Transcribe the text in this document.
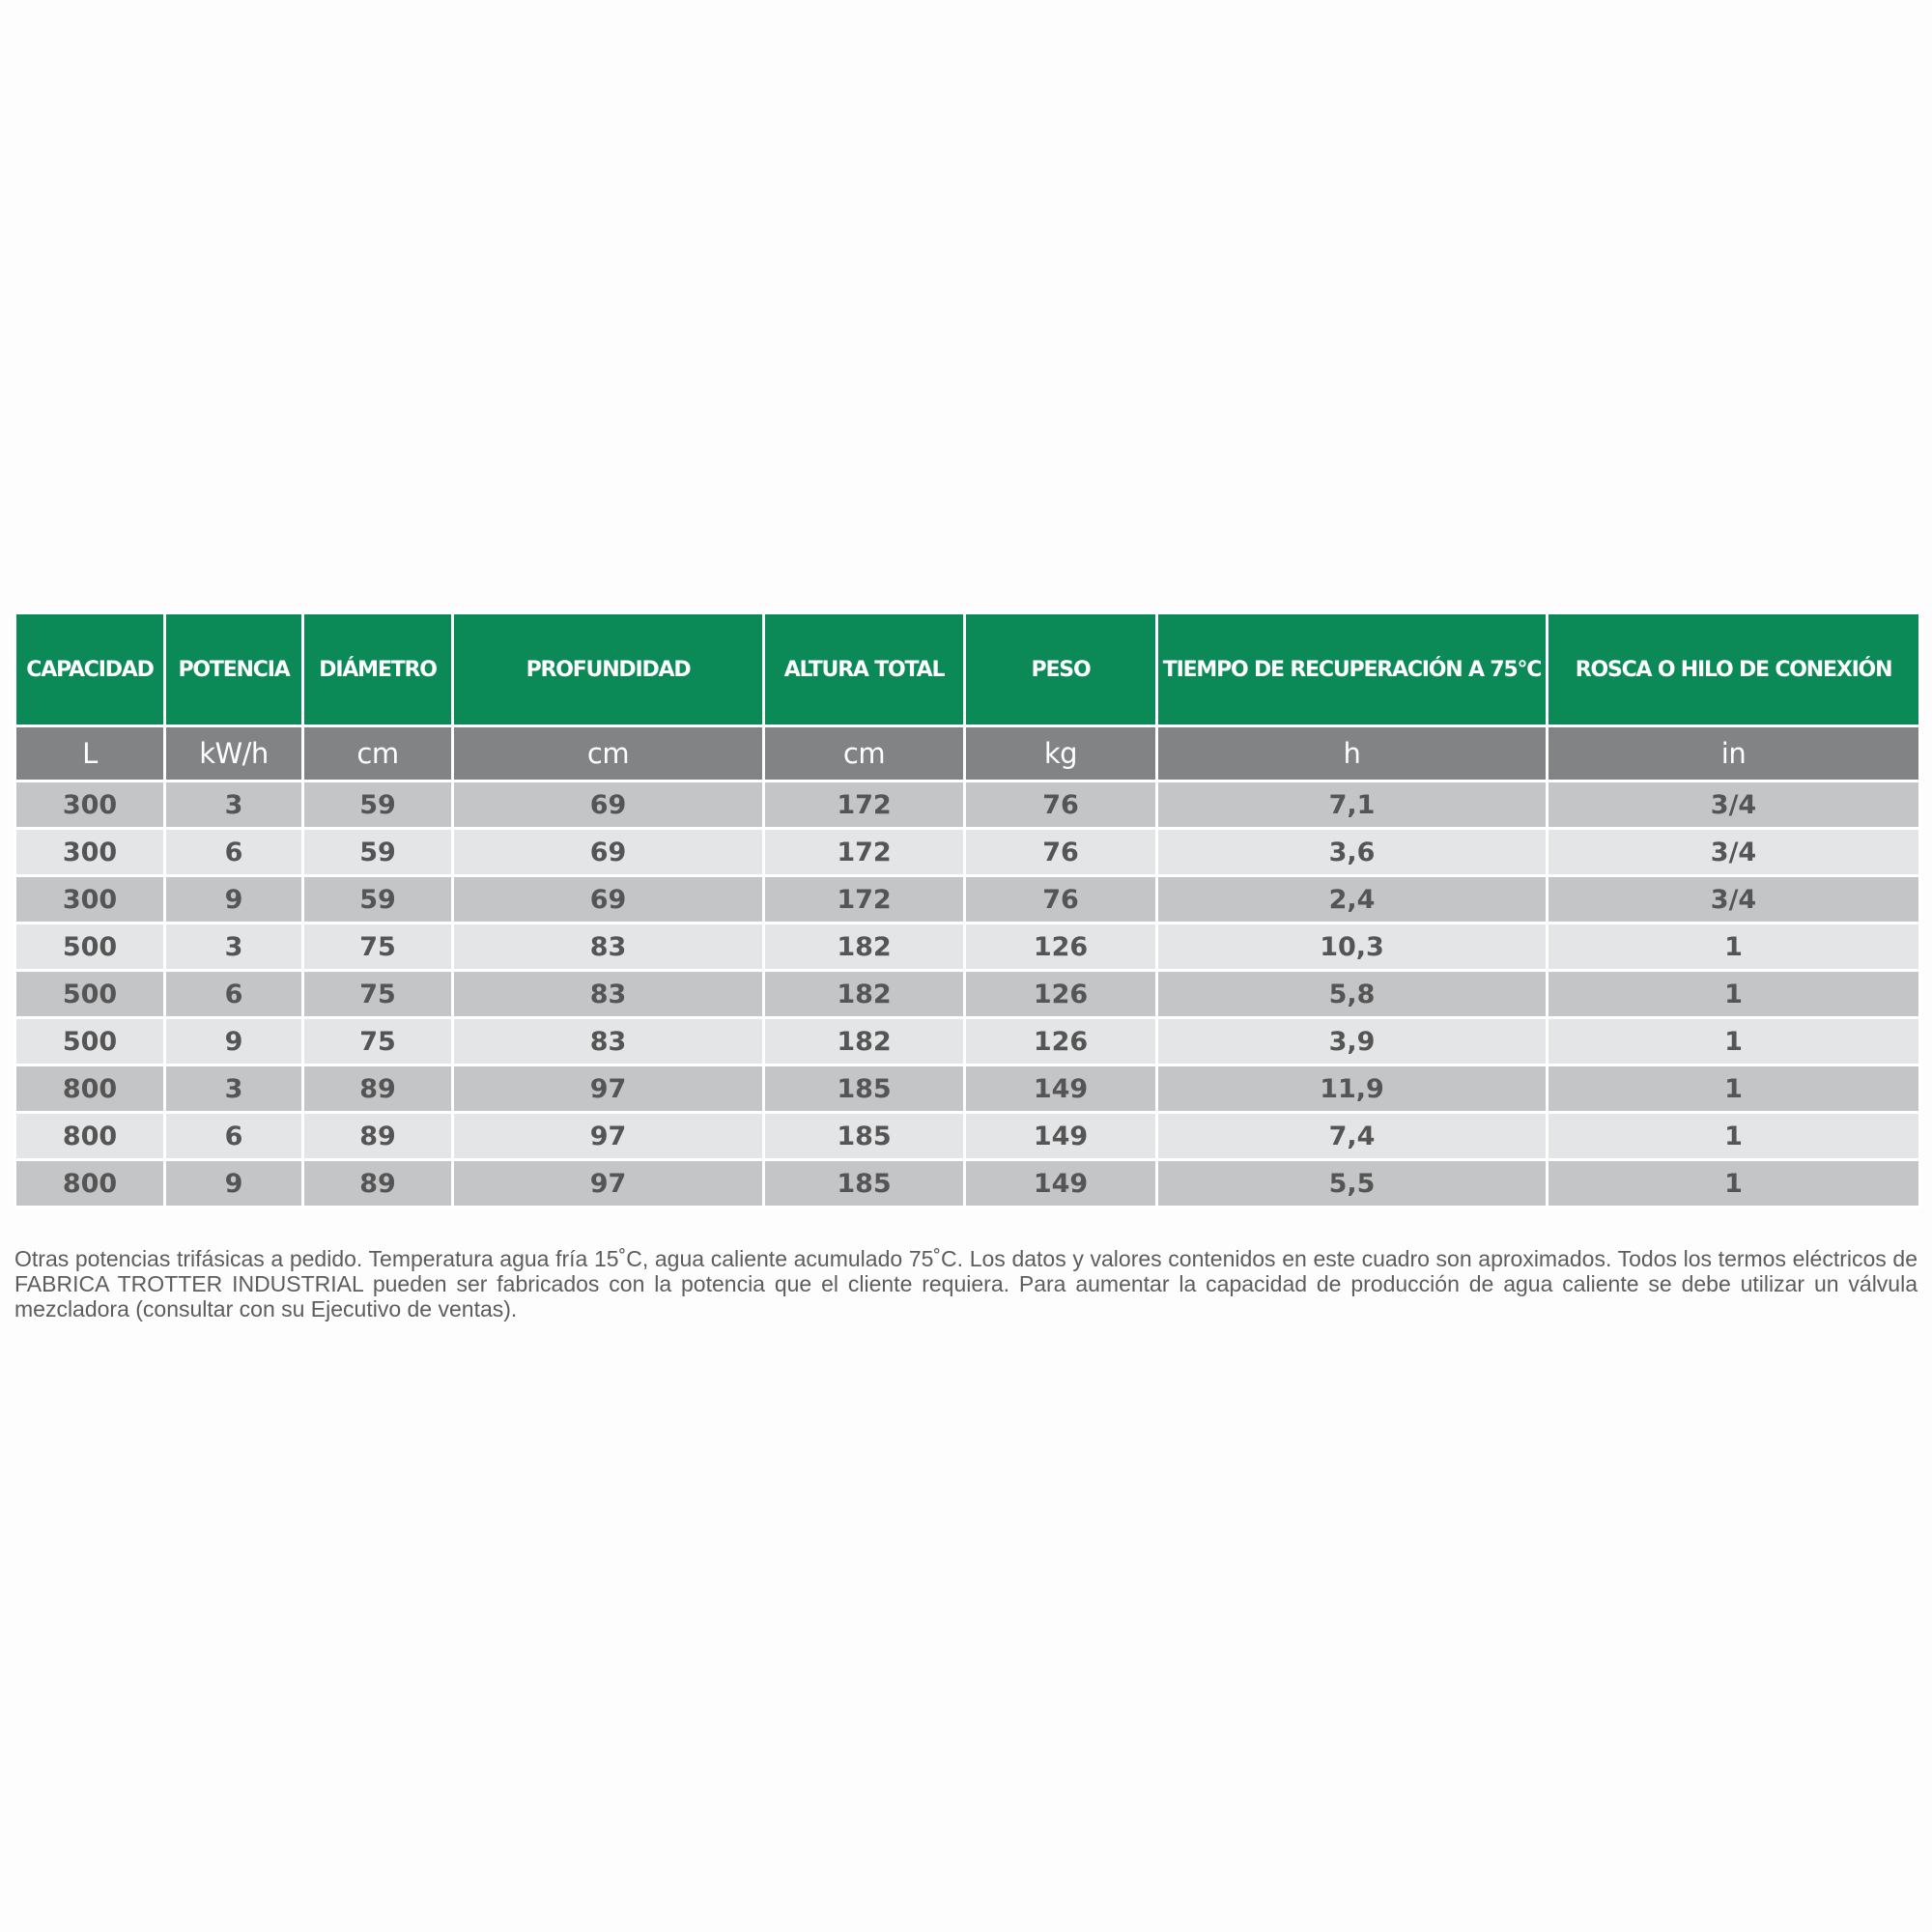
CAPACIDAD	POTENCIA	DIÁMETRO	PROFUNDIDAD	ALTURA TOTAL	PESO	TIEMPO DE RECUPERACIÓN A 75°C	ROSCA O HILO DE CONEXIÓN
L	kW/h	cm	cm	cm	kg	h	in
300	3	59	69	172	76	7,1	3/4
300	6	59	69	172	76	3,6	3/4
300	9	59	69	172	76	2,4	3/4
500	3	75	83	182	126	10,3	1
500	6	75	83	182	126	5,8	1
500	9	75	83	182	126	3,9	1
800	3	89	97	185	149	11,9	1
800	6	89	97	185	149	7,4	1
800	9	89	97	185	149	5,5	1

Otras potencias trifásicas a pedido. Temperatura agua fría 15˚C, agua caliente acumulado 75˚C. Los datos y valores contenidos en este cuadro son aproximados. Todos los termos eléctricos de FABRICA TROTTER INDUSTRIAL pueden ser fabricados con la potencia que el cliente requiera. Para aumentar la capacidad de producción de agua caliente se debe utilizar un válvula mezcladora (consultar con su Ejecutivo de ventas).
